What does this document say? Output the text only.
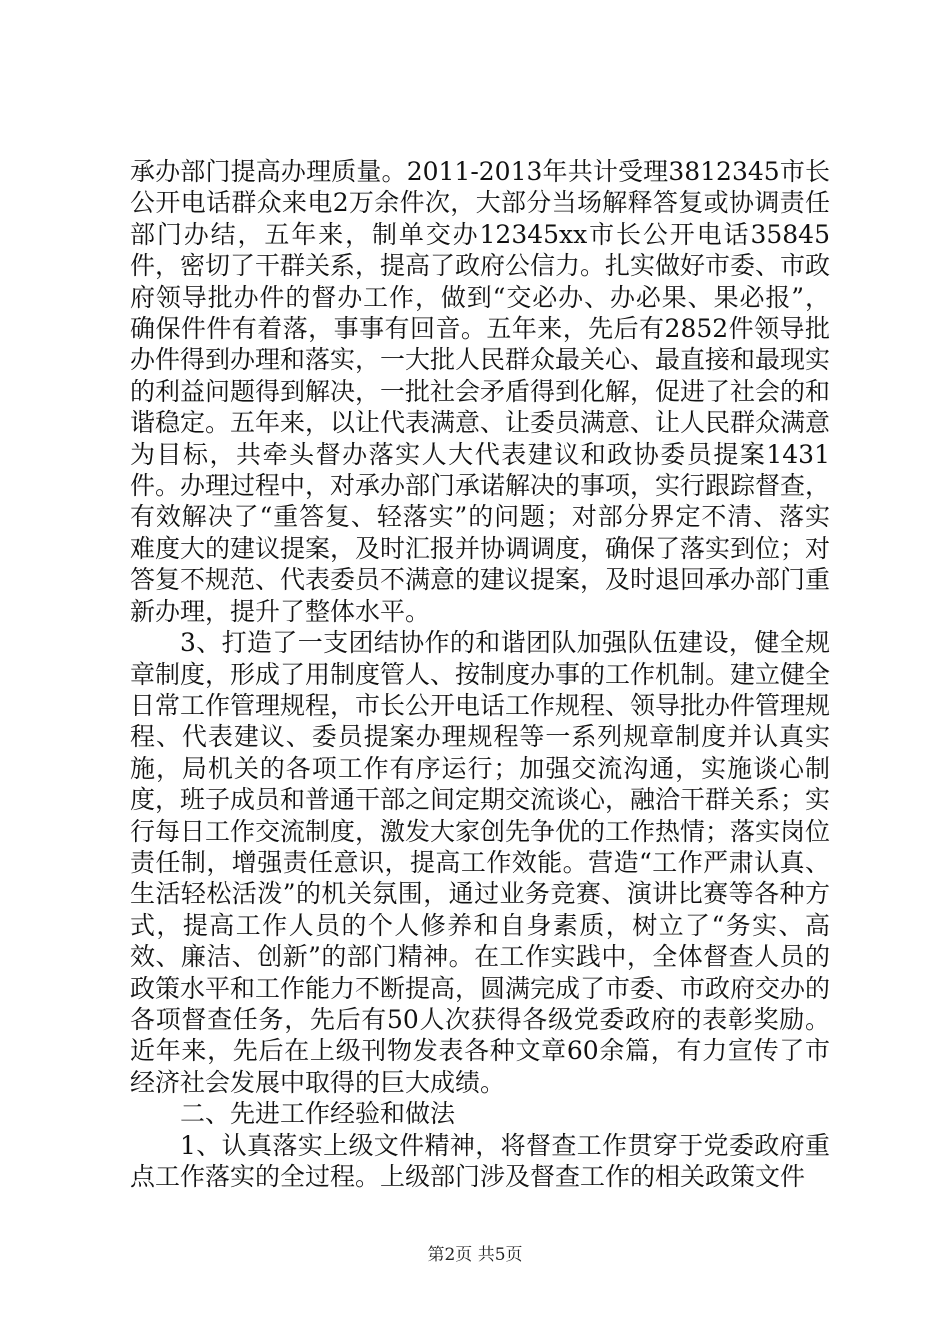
承办部门提高办理质量。2011-2013年共计受理3812345市长公开电话群众来电2万余件次，大部分当场解释答复或协调责任部门办结，五年来，制单交办12345xx市长公开电话35845件，密切了干群关系，提高了政府公信力。扎实做好市委、市政府领导批办件的督办工作，做到“交必办、办必果、果必报”，确保件件有着落，事事有回音。五年来，先后有2852件领导批办件得到办理和落实，一大批人民群众最关心、最直接和最现实的利益问题得到解决，一批社会矛盾得到化解，促进了社会的和谐稳定。五年来，以让代表满意、让委员满意、让人民群众满意为目标，共牵头督办落实人大代表建议和政协委员提案1431件。办理过程中，对承办部门承诺解决的事项，实行跟踪督查，有效解决了“重答复、轻落实”的问题；对部分界定不清、落实难度大的建议提案，及时汇报并协调调度，确保了落实到位；对答复不规范、代表委员不满意的建议提案，及时退回承办部门重新办理，提升了整体水平。

3、打造了一支团结协作的和谐团队加强队伍建设，健全规章制度，形成了用制度管人、按制度办事的工作机制。建立健全日常工作管理规程，市长公开电话工作规程、领导批办件管理规程、代表建议、委员提案办理规程等一系列规章制度并认真实施，局机关的各项工作有序运行；加强交流沟通，实施谈心制度，班子成员和普通干部之间定期交流谈心，融洽干群关系；实行每日工作交流制度，激发大家创先争优的工作热情；落实岗位责任制，增强责任意识，提高工作效能。营造“工作严肃认真、生活轻松活泼”的机关氛围，通过业务竞赛、演讲比赛等各种方式，提高工作人员的个人修养和自身素质，树立了“务实、高效、廉洁、创新”的部门精神。在工作实践中，全体督查人员的政策水平和工作能力不断提高，圆满完成了市委、市政府交办的各项督查任务，先后有50人次获得各级党委政府的表彰奖励。近年来，先后在上级刊物发表各种文章60余篇，有力宣传了市经济社会发展中取得的巨大成绩。

二、先进工作经验和做法

1、认真落实上级文件精神，将督查工作贯穿于党委政府重点工作落实的全过程。上级部门涉及督查工作的相关政策文件

第2页 共5页
